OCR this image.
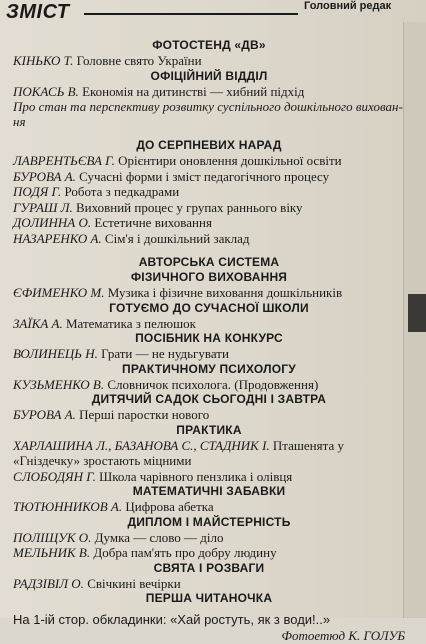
ЗМІСТ	Головний редак
ФОТОСТЕНД «ДВ»
КІНЬКО Т. Головне свято України
ОФІЦІЙНИЙ ВІДДІЛ
ПОКАСЬ В. Економія на дитинстві — хибний підхід
Про стан та перспективу розвитку суспільного дошкільного вихован-
ня
ДО СЕРПНЕВИХ НАРАД
ЛАВРЕНТЬЄВА Г. Орієнтири оновлення дошкільної освіти
БУРОВА А. Сучасні форми і зміст педагогічного процесу
ПОДЯ Г. Робота з педкадрами
ГУРАШ Л. Виховний процес у групах раннього віку
ДОЛИННА О. Естетичне виховання
НАЗАРЕНКО А. Сім'я і дошкільний заклад
АВТОРСЬКА СИСТЕМА
ФІЗИЧНОГО ВИХОВАННЯ
ЄФИМЕНКО М. Музика і фізичне виховання дошкільників
ГОТУЄМО ДО СУЧАСНОЇ ШКОЛИ
ЗАЇКА А. Математика з пелюшок
ПОСІБНИК НА КОНКУРС
ВОЛИНЕЦЬ Н. Грати — не нудьгувати
ПРАКТИЧНОМУ ПСИХОЛОГУ
КУЗЬМЕНКО В. Словничок психолога. (Продовження)
ДИТЯЧИЙ САДОК СЬОГОДНІ І ЗАВТРА
БУРОВА А. Перші паростки нового
ПРАКТИКА
ХАРЛАШИНА Л., БАЗАНОВА С., СТАДНИК І. Пташенята у
«Гніздечку» зростають міцними
СЛОБОДЯН Г. Школа чарівного пензлика і олівця
МАТЕМАТИЧНІ ЗАБАВКИ
ТЮТЮННИКОВ А. Цифрова абетка
ДИПЛОМ І МАЙСТЕРНІСТЬ
ПОЛІЩУК О. Думка — слово — діло
МЕЛЬНИК В. Добра пам'ять про добру людину
СВЯТА І РОЗВАГИ
РАДЗІВІЛ О. Свічкині вечірки
ПЕРША ЧИТАНОЧКА
На 1-ій стор. обкладинки: «Хай ростуть, як з води!..»
Фотоетюд К. ГОЛУБ
